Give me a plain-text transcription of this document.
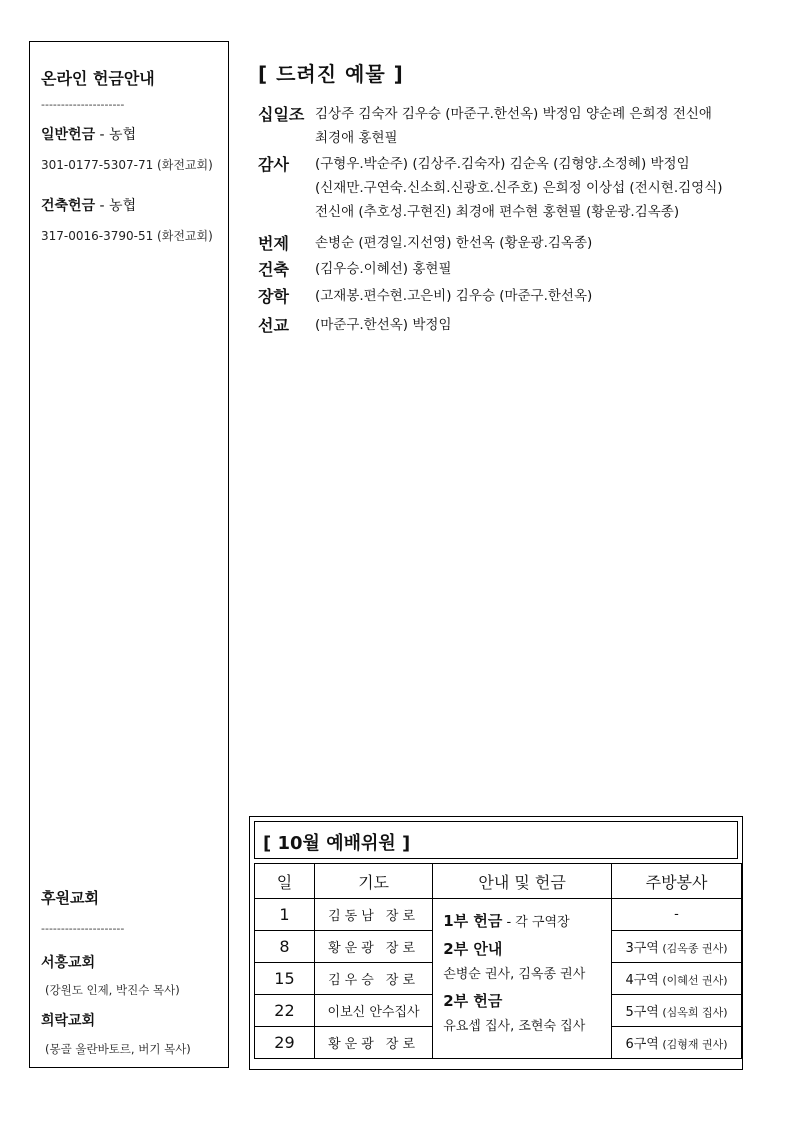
온라인 헌금안내
---------------------
일반헌금 - 농협
301-0177-5307-71 (화전교회)
건축헌금 - 농협
317-0016-3790-51 (화전교회)
후원교회
---------------------
서홍교회
(강원도 인제, 박진수 목사)
희락교회
(몽골 울란바토르, 버기 목사)
[ 드려진 예물 ]
십일조 김상주 김숙자 김우승 (마준구.한선옥) 박정임 양순례 은희정 전신애
최경애 홍현필
감사	(구형우.박순주) (김상주.김숙자) 김순옥 (김형양.소정혜) 박정임
(신재만.구연숙.신소희.신광호.신주호) 은희정 이상섭 (전시현.김영식)
전신애 (추호성.구현진) 최경애 편수현 홍현필 (황운광.김옥종)
번제	손병순 (편경일.지선영) 한선옥 (황운광.김옥종)
건축	(김우승.이혜선) 홍현필
장학	(고재봉.편수현.고은비) 김우승 (마준구.한선옥)
선교	(마준구.한선옥) 박정임
[ 10월 예배위원 ]
일	기도	안내 및 헌금	주방봉사
1	김동남 장로	1부 헌금 - 각 구역장
2부 안내
손병순 권사, 김옥종 권사
2부 헌금
유요셉 집사, 조현숙 집사	-
8	황운광 장로		3구역 (김옥종 권사)
15	김우승 장로		4구역 (이혜선 권사)
22	이보신 안수집사		5구역 (심옥희 집사)
29	황운광 장로		6구역 (김형재 권사)
